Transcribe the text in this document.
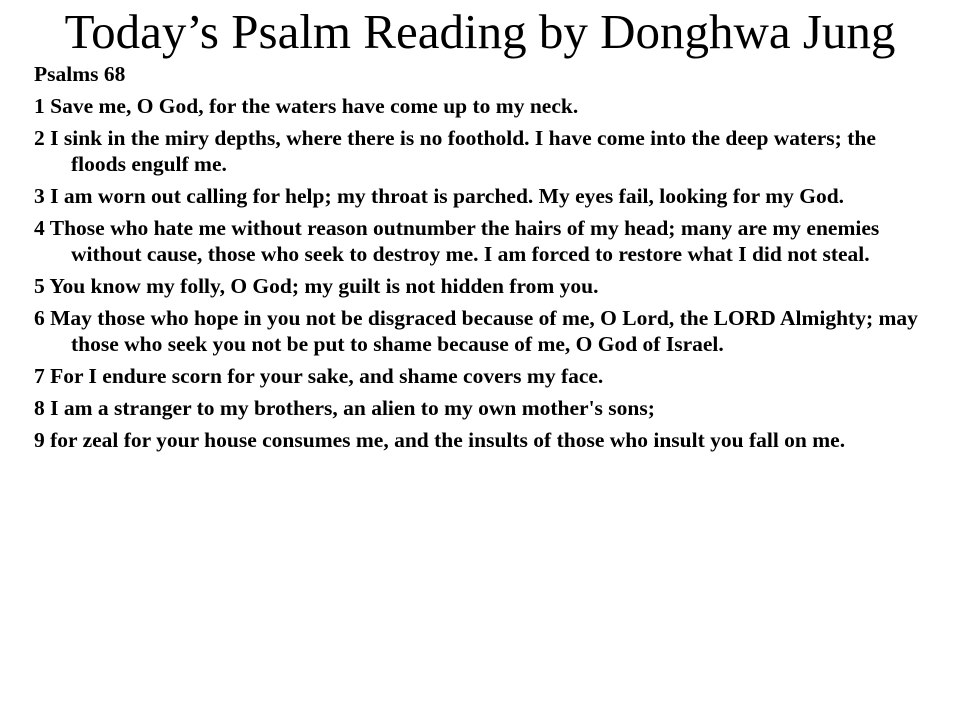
Today’s Psalm Reading by Donghwa Jung
Psalms 68
1 Save me, O God, for the waters have come up to my neck.
2 I sink in the miry depths, where there is no foothold. I have come into the deep waters; the floods engulf me.
3 I am worn out calling for help; my throat is parched. My eyes fail, looking for my God.
4 Those who hate me without reason outnumber the hairs of my head; many are my enemies without cause, those who seek to destroy me. I am forced to restore what I did not steal.
5 You know my folly, O God; my guilt is not hidden from you.
6 May those who hope in you not be disgraced because of me, O Lord, the LORD Almighty; may those who seek you not be put to shame because of me, O God of Israel.
7 For I endure scorn for your sake, and shame covers my face.
8 I am a stranger to my brothers, an alien to my own mother's sons;
9 for zeal for your house consumes me, and the insults of those who insult you fall on me.
